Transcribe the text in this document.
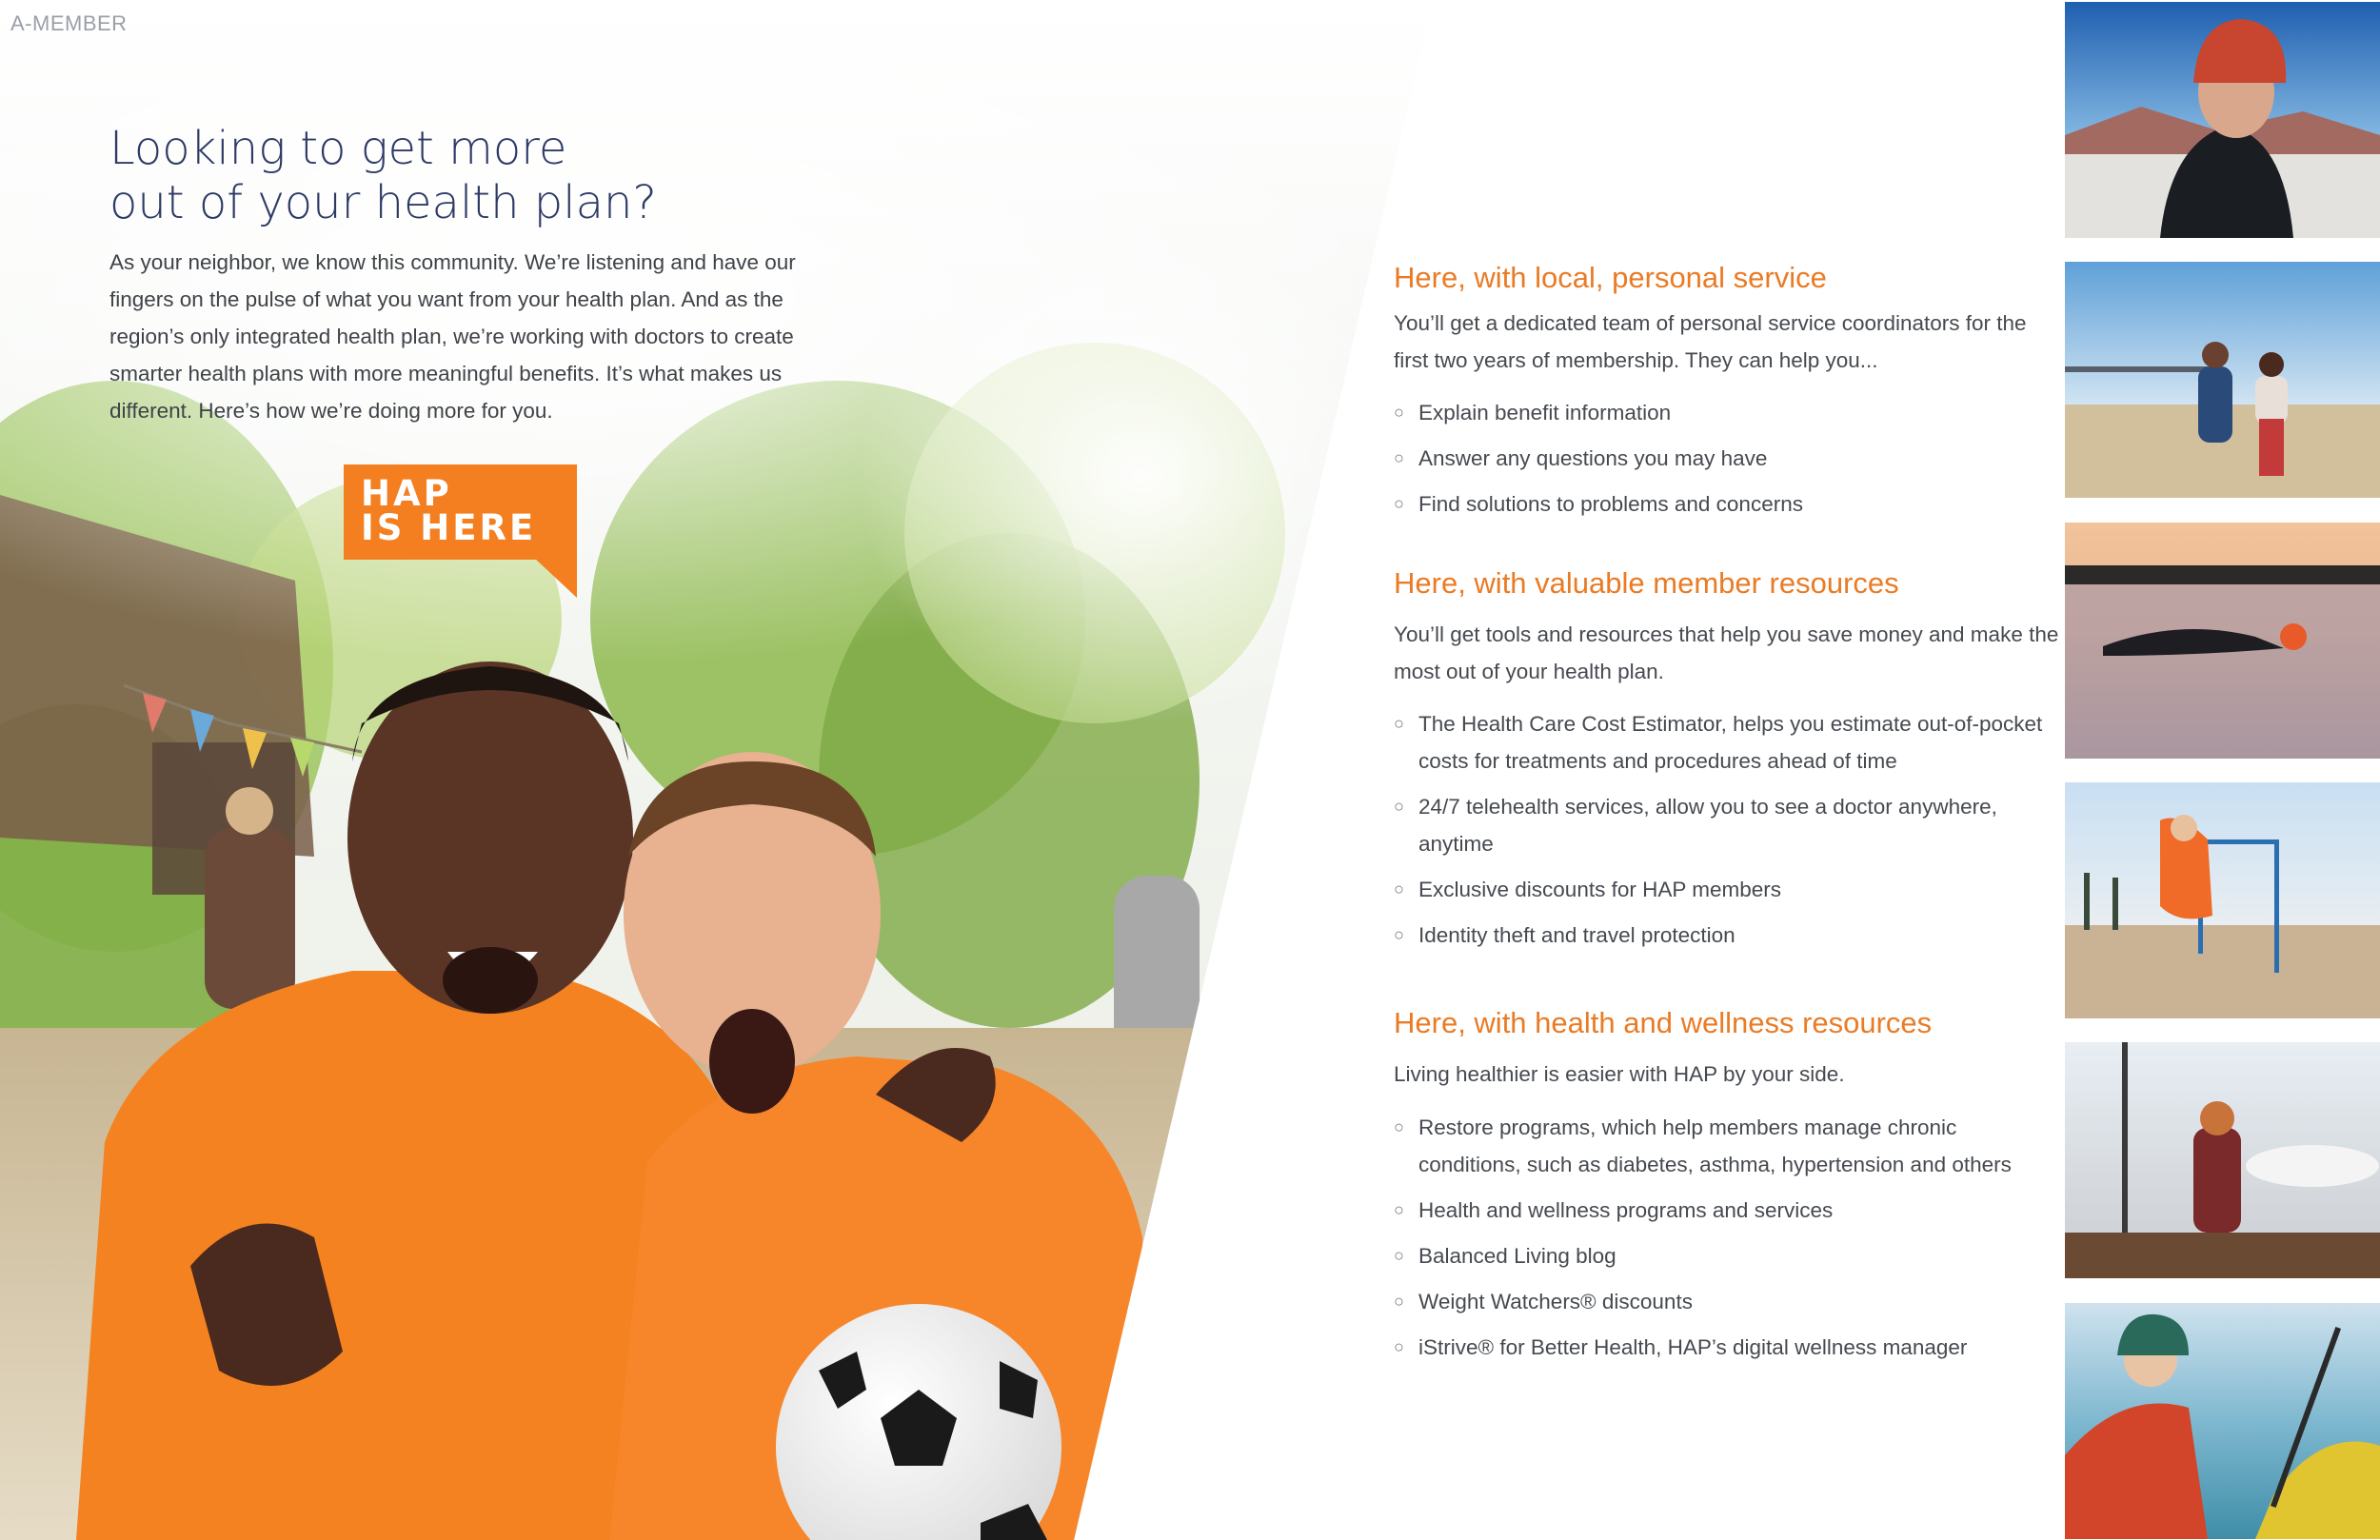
A-MEMBER
Looking to get more
out of your health plan?
As your neighbor, we know this community. We’re listening and have our fingers on the pulse of what you want from your health plan. And as the region’s only integrated health plan, we’re working with doctors to create smarter health plans with more meaningful benefits. It’s what makes us different. Here’s how we’re doing more for you.
HAP
IS HERE
Here, with local, personal service
You’ll get a dedicated team of personal service coordinators for the first two years of membership. They can help you...
○ Explain benefit information
○ Answer any questions you may have
○ Find solutions to problems and concerns
Here, with valuable member resources
You’ll get tools and resources that help you save money and make the most out of your health plan.
○ The Health Care Cost Estimator, helps you estimate out-of-pocket costs for treatments and procedures ahead of time
○ 24/7 telehealth services, allow you to see a doctor anywhere, anytime
○ Exclusive discounts for HAP members
○ Identity theft and travel protection
Here, with health and wellness resources
Living healthier is easier with HAP by your side.
○ Restore programs, which help members manage chronic conditions, such as diabetes, asthma, hypertension and others
○ Health and wellness programs and services
○ Balanced Living blog
○ Weight Watchers® discounts
○ iStrive® for Better Health, HAP’s digital wellness manager
